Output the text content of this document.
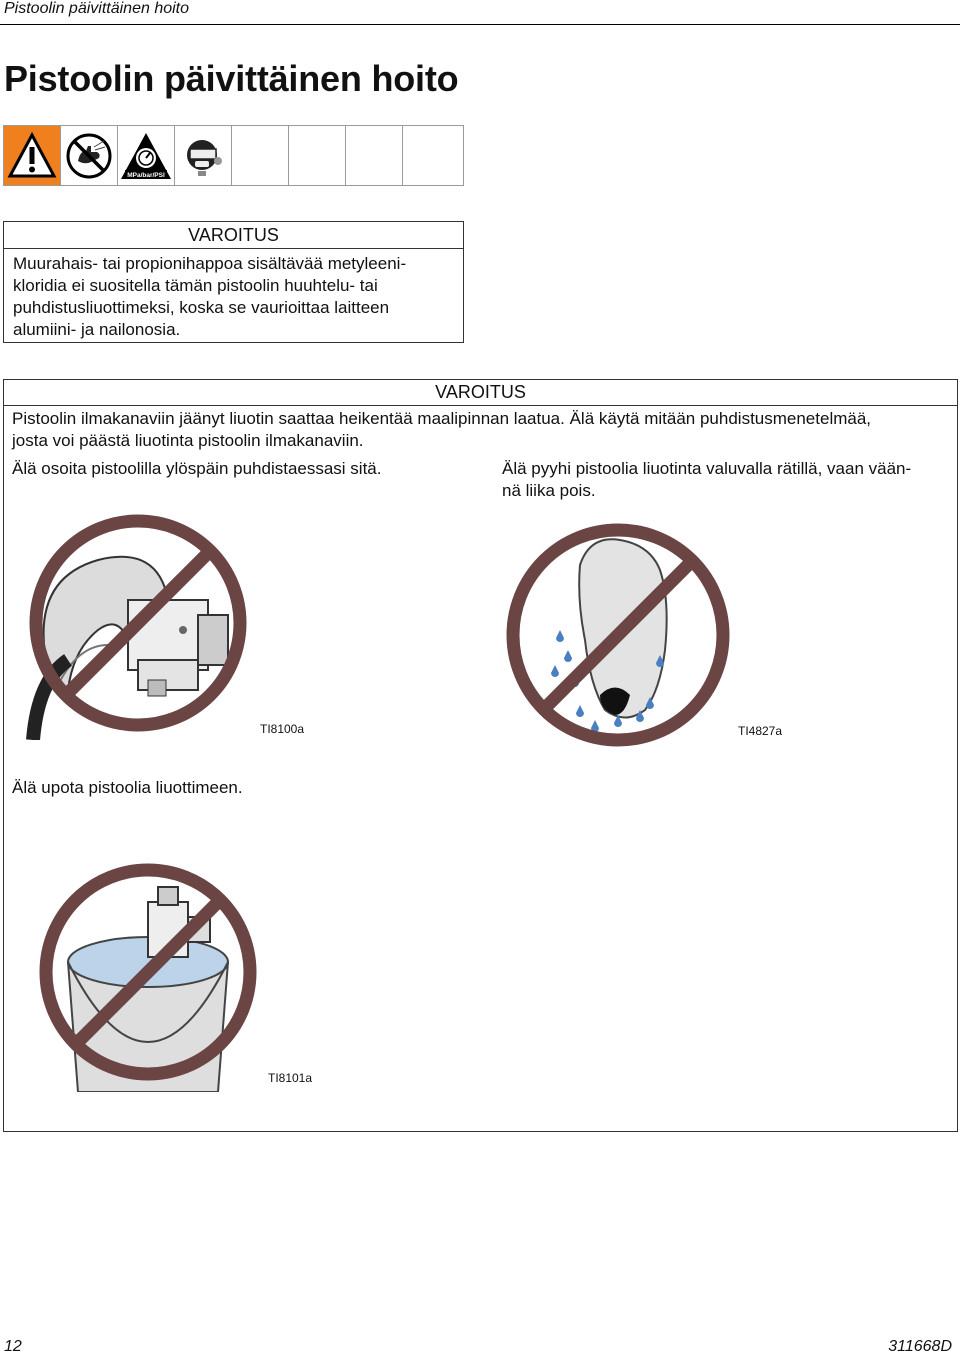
Pistoolin päivittäinen hoito
Pistoolin päivittäinen hoito
MPa/bar/PSI
VAROITUS
Muurahais- tai propionihappoa sisältävää metyleeni-
kloridia ei suositella tämän pistoolin huuhtelu- tai
puhdistusliuottimeksi, koska se vaurioittaa laitteen
alumiini- ja nailonosia.
VAROITUS
Pistoolin ilmakanaviin jäänyt liuotin saattaa heikentää maalipinnan laatua. Älä käytä mitään puhdistusmenetelmää,
josta voi päästä liuotinta pistoolin ilmakanaviin.
Älä osoita pistoolilla ylöspäin puhdistaessasi sitä.	Älä pyyhi pistoolia liuotinta valuvalla rätillä, vaan vään-
nä liika pois.
TI8100a	TI4827a
Älä upota pistoolia liuottimeen.
TI8101a
12	311668D
